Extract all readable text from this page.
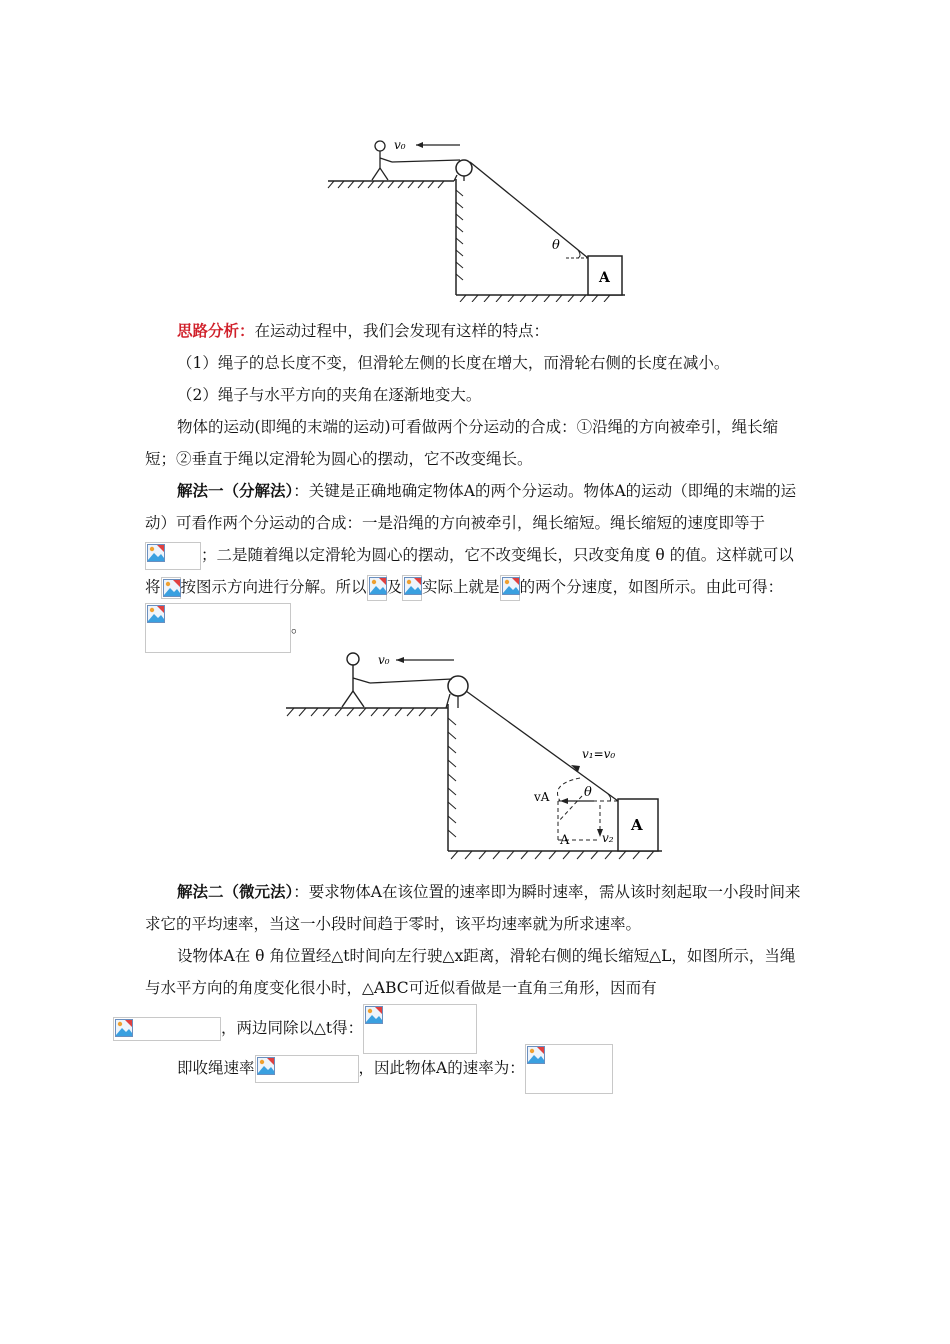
v₀
θ
A

思路分析：在运动过程中，我们会发现有这样的特点：

（1）绳子的总长度不变，但滑轮左侧的长度在增大，而滑轮右侧的长度在减小。

（2）绳子与水平方向的夹角在逐渐地变大。

物体的运动(即绳的末端的运动)可看做两个分运动的合成：①沿绳的方向被牵引，绳长缩短；②垂直于绳以定滑轮为圆心的摆动，它不改变绳长。

解法一（分解法）：关键是正确地确定物体A的两个分运动。物体A的运动（即绳的末端的运动）可看作两个分运动的合成：一是沿绳的方向被牵引，绳长缩短。绳长缩短的速度即等于
；二是随着绳以定滑轮为圆心的摆动，它不改变绳长，只改变角度 θ 的值。这样就可以将 按图示方向进行分解。所以 及 实际上就是 的两个分速度，如图所示。由此可得：
。

v₀
v₁=v₀
vA
v₂
θ
A
A

解法二（微元法）：要求物体A在该位置的速率即为瞬时速率，需从该时刻起取一小段时间来求它的平均速率，当这一小段时间趋于零时，该平均速率就为所求速率。

设物体A在 θ 角位置经△t时间向左行驶△x距离，滑轮右侧的绳长缩短△L，如图所示，当绳与水平方向的角度变化很小时，△ABC可近似看做是一直角三角形，因而有

，两边同除以△t得：

即收绳速率	，因此物体A的速率为：
